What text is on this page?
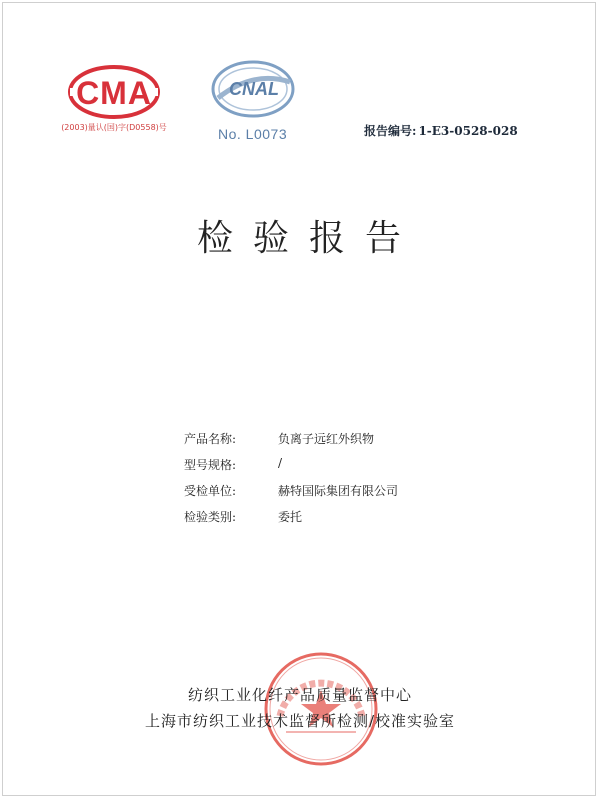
CMA
(2003)量认(国)字(D0558)号
CNAL
No. L0073	报告编号: 1-E3-0528-028
检验报告
产品名称:	负离子远红外织物
型号规格:	/
受检单位:	赫特国际集团有限公司
检验类别:	委托
纺织工业化纤产品质量监督中心
上海市纺织工业技术监督所检测/校准实验室
